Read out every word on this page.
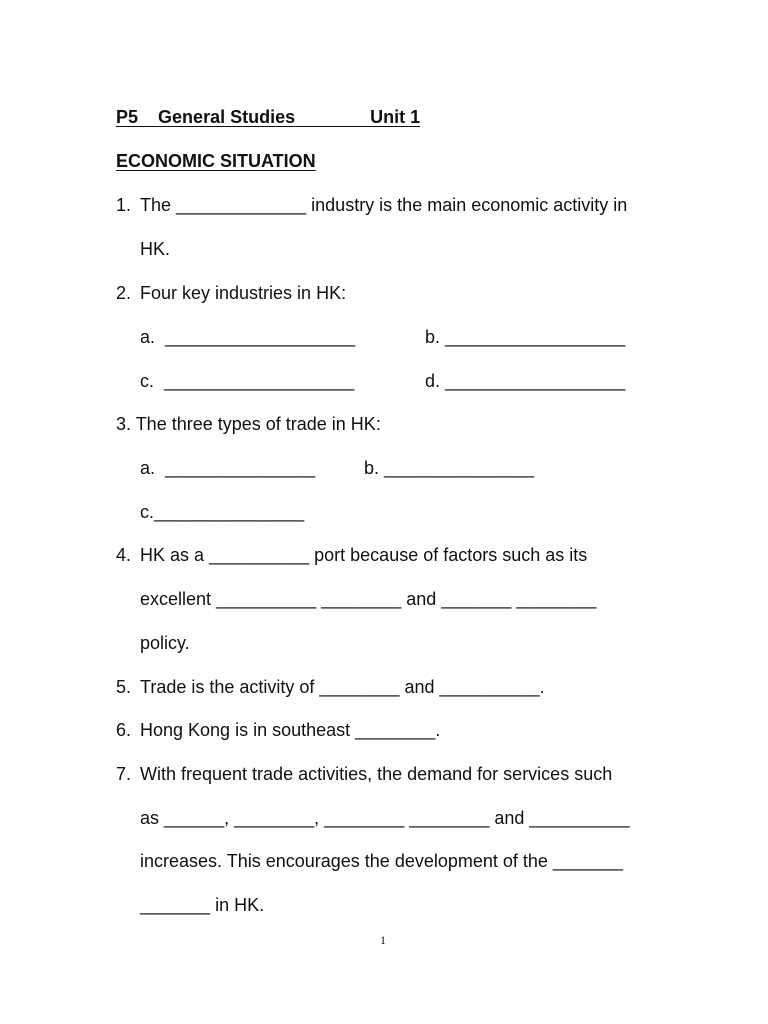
P5 General Studies	Unit 1
ECONOMIC SITUATION
1. The _____________ industry is the main economic activity in
HK.
2. Four key industries in HK:
a.  ___________________	b. __________________
c.  ___________________	d. __________________
3. The three types of trade in HK:
a.  _______________	b. _______________
c._______________
4. HK as a __________ port because of factors such as its
excellent __________ ________ and _______ ________
policy.
5. Trade is the activity of ________ and __________.
6. Hong Kong is in southeast ________.
7. With frequent trade activities, the demand for services such
as ______, ________, ________ ________ and __________
increases. This encourages the development of the _______
_______ in HK.
1
